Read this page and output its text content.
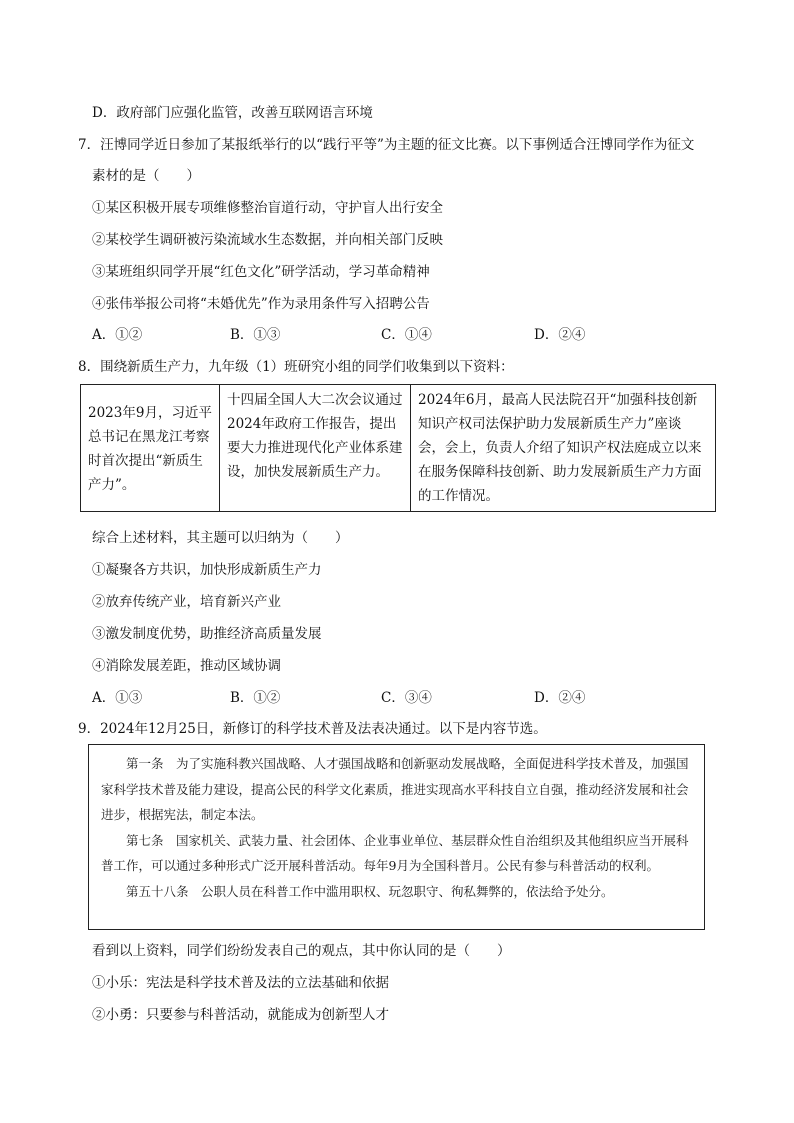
D．政府部门应强化监管，改善互联网语言环境
7．汪博同学近日参加了某报纸举行的以“践行平等”为主题的征文比赛。以下事例适合汪博同学作为征文
素材的是（　　）
①某区积极开展专项维修整治盲道行动，守护盲人出行安全
②某校学生调研被污染流域水生态数据，并向相关部门反映
③某班组织同学开展“红色文化”研学活动，学习革命精神
④张伟举报公司将“未婚优先”作为录用条件写入招聘公告
A．①②	B．①③	C．①④	D．②④
8．围绕新质生产力，九年级（1）班研究小组的同学们收集到以下资料：
2023年9月，习近平总书记在黑龙江考察时首次提出“新质生产力”。	十四届全国人大二次会议通过2024年政府工作报告，提出要大力推进现代化产业体系建设，加快发展新质生产力。	2024年6月，最高人民法院召开“加强科技创新知识产权司法保护助力发展新质生产力”座谈会，会上，负责人介绍了知识产权法庭成立以来在服务保障科技创新、助力发展新质生产力方面的工作情况。
综合上述材料，其主题可以归纳为（　　）
①凝聚各方共识，加快形成新质生产力
②放弃传统产业，培育新兴产业
③激发制度优势，助推经济高质量发展
④消除发展差距，推动区域协调
A．①③	B．①②	C．③④	D．②④
9．2024年12月25日，新修订的科学技术普及法表决通过。以下是内容节选。

第一条　为了实施科教兴国战略、人才强国战略和创新驱动发展战略，全面促进科学技术普及，加强国家科学技术普及能力建设，提高公民的科学文化素质，推进实现高水平科技自立自强，推动经济发展和社会进步，根据宪法，制定本法。

第七条　国家机关、武装力量、社会团体、企业事业单位、基层群众性自治组织及其他组织应当开展科普工作，可以通过多种形式广泛开展科普活动。每年9月为全国科普月。公民有参与科普活动的权利。

第五十八条　公职人员在科普工作中滥用职权、玩忽职守、徇私舞弊的，依法给予处分。

看到以上资料，同学们纷纷发表自己的观点，其中你认同的是（　　）
①小乐：宪法是科学技术普及法的立法基础和依据
②小勇：只要参与科普活动，就能成为创新型人才
